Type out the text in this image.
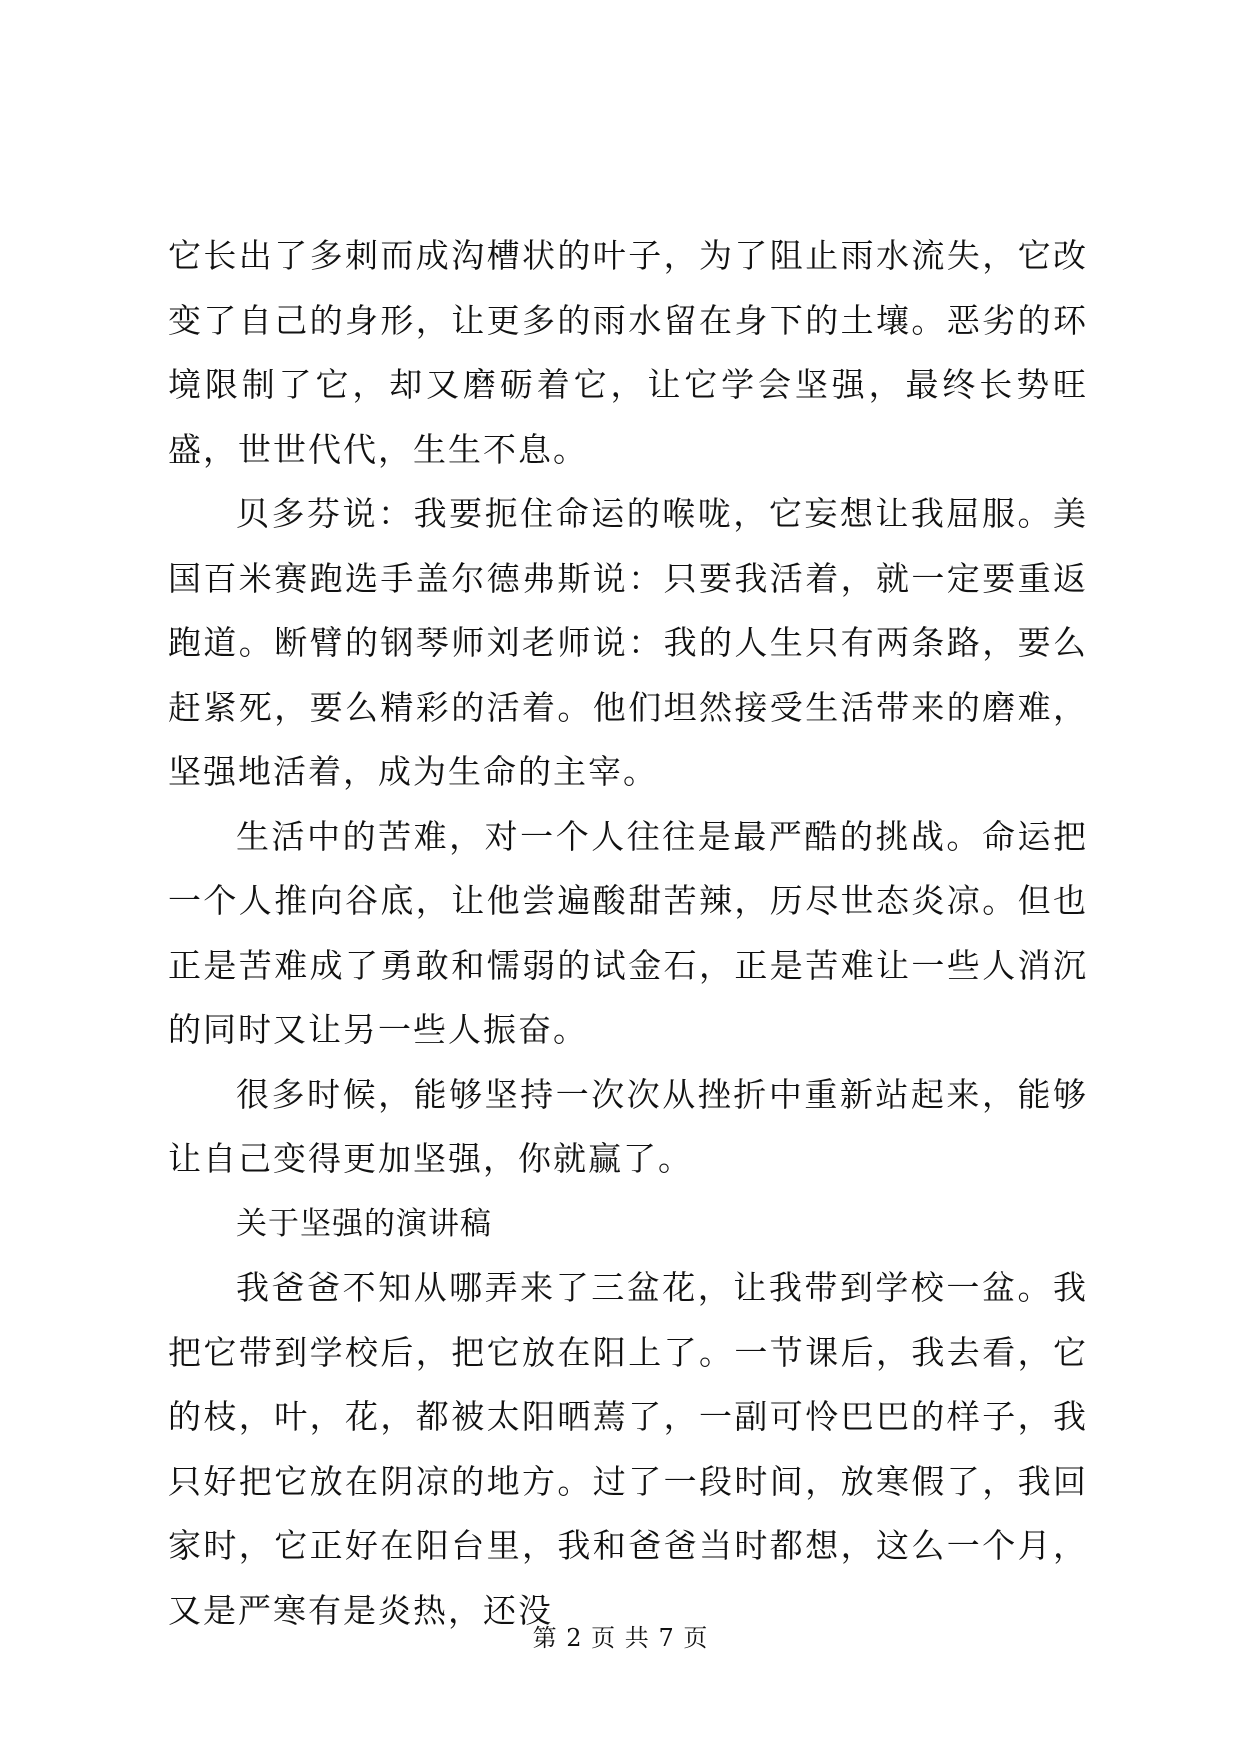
它长出了多刺而成沟槽状的叶子，为了阻止雨水流失，它改变了自己的身形，让更多的雨水留在身下的土壤。恶劣的环境限制了它，却又磨砺着它，让它学会坚强，最终长势旺盛，世世代代，生生不息。

贝多芬说：我要扼住命运的喉咙，它妄想让我屈服。美国百米赛跑选手盖尔德弗斯说：只要我活着，就一定要重返跑道。断臂的钢琴师刘老师说：我的人生只有两条路，要么赶紧死，要么精彩的活着。他们坦然接受生活带来的磨难，坚强地活着，成为生命的主宰。

生活中的苦难，对一个人往往是最严酷的挑战。命运把一个人推向谷底，让他尝遍酸甜苦辣，历尽世态炎凉。但也正是苦难成了勇敢和懦弱的试金石，正是苦难让一些人消沉的同时又让另一些人振奋。

很多时候，能够坚持一次次从挫折中重新站起来，能够让自己变得更加坚强，你就赢了。

关于坚强的演讲稿

我爸爸不知从哪弄来了三盆花，让我带到学校一盆。我把它带到学校后，把它放在阳上了。一节课后，我去看，它的枝，叶，花，都被太阳晒蔫了，一副可怜巴巴的样子，我只好把它放在阴凉的地方。过了一段时间，放寒假了，我回家时，它正好在阳台里，我和爸爸当时都想，这么一个月，又是严寒有是炎热，还没

第 2 页 共 7 页
